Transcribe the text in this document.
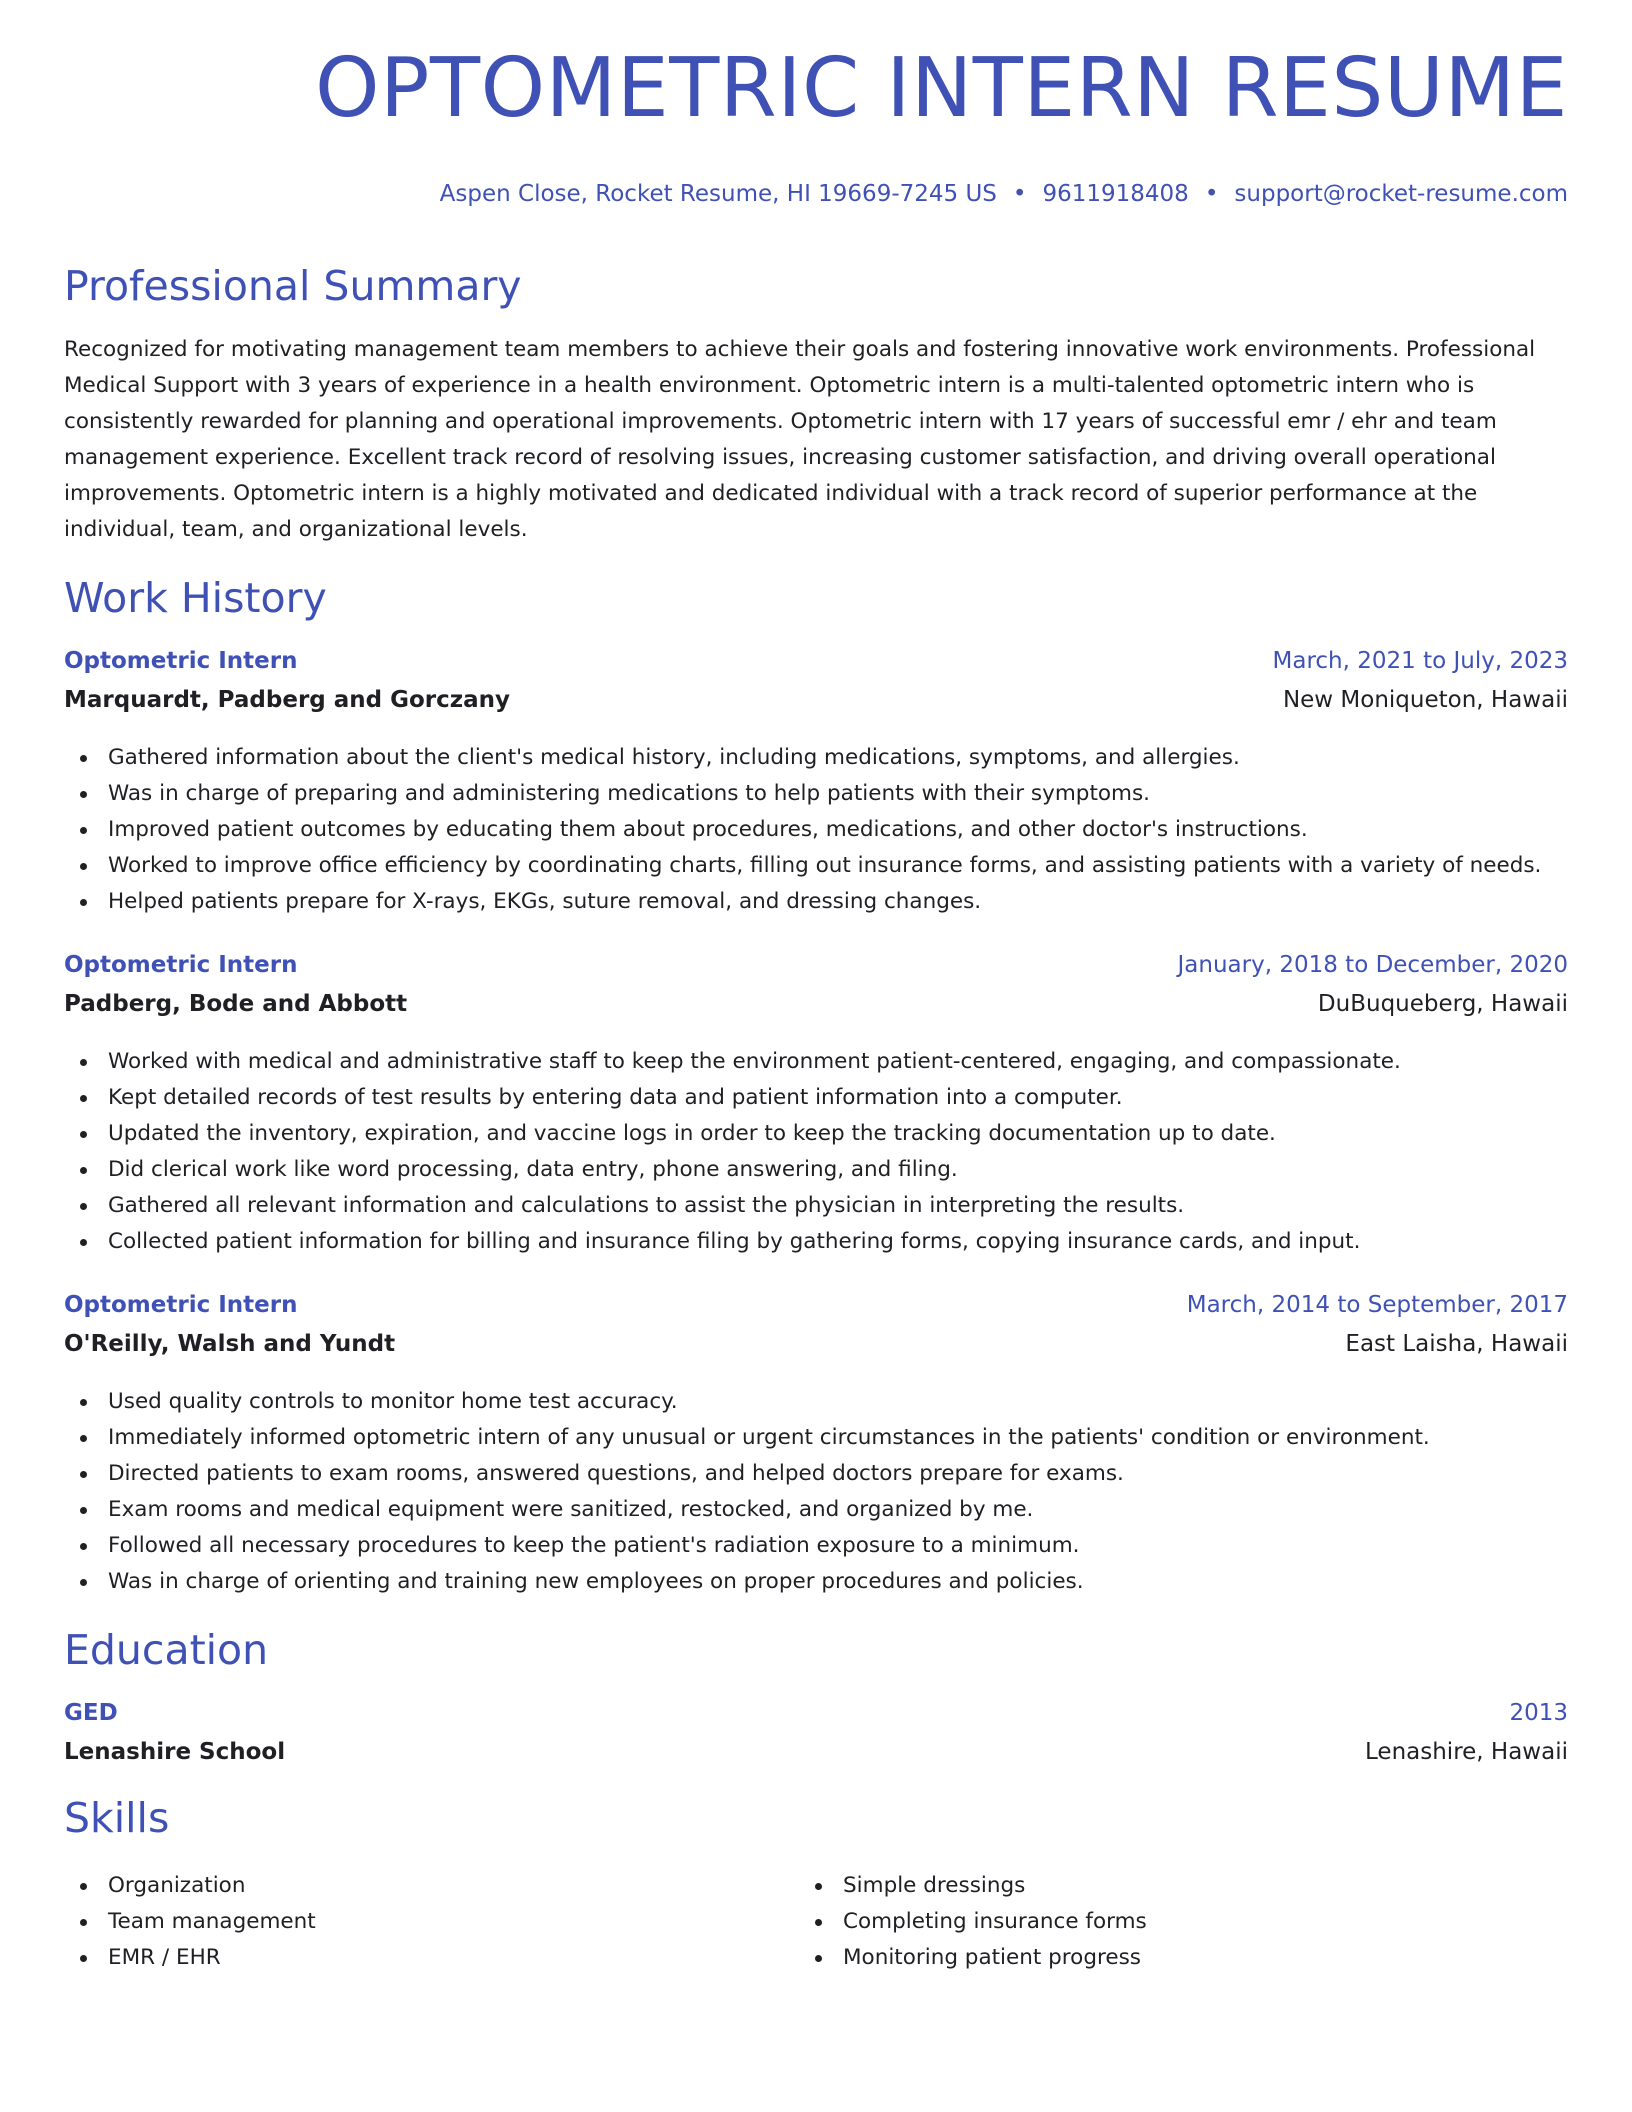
OPTOMETRIC INTERN RESUME
Aspen Close, Rocket Resume, HI 19669-7245 US • 9611918408 • support@rocket-resume.com
Professional Summary

Recognized for motivating management team members to achieve their goals and fostering innovative work environments. Professional Medical Support with 3 years of experience in a health environment. Optometric intern is a multi-talented optometric intern who is consistently rewarded for planning and operational improvements. Optometric intern with 17 years of successful emr / ehr and team management experience. Excellent track record of resolving issues, increasing customer satisfaction, and driving overall operational improvements. Optometric intern is a highly motivated and dedicated individual with a track record of superior performance at the individual, team, and organizational levels.

Work History
Optometric Intern	March, 2021 to July, 2023
Marquardt, Padberg and Gorczany	New Moniqueton, Hawaii
Gathered information about the client's medical history, including medications, symptoms, and allergies.
Was in charge of preparing and administering medications to help patients with their symptoms.
Improved patient outcomes by educating them about procedures, medications, and other doctor's instructions.
Worked to improve office efficiency by coordinating charts, filling out insurance forms, and assisting patients with a variety of needs.
Helped patients prepare for X-rays, EKGs, suture removal, and dressing changes.
Optometric Intern	January, 2018 to December, 2020
Padberg, Bode and Abbott	DuBuqueberg, Hawaii
Worked with medical and administrative staff to keep the environment patient-centered, engaging, and compassionate.
Kept detailed records of test results by entering data and patient information into a computer.
Updated the inventory, expiration, and vaccine logs in order to keep the tracking documentation up to date.
Did clerical work like word processing, data entry, phone answering, and filing.
Gathered all relevant information and calculations to assist the physician in interpreting the results.
Collected patient information for billing and insurance filing by gathering forms, copying insurance cards, and input.
Optometric Intern	March, 2014 to September, 2017
O'Reilly, Walsh and Yundt	East Laisha, Hawaii
Used quality controls to monitor home test accuracy.
Immediately informed optometric intern of any unusual or urgent circumstances in the patients' condition or environment.
Directed patients to exam rooms, answered questions, and helped doctors prepare for exams.
Exam rooms and medical equipment were sanitized, restocked, and organized by me.
Followed all necessary procedures to keep the patient's radiation exposure to a minimum.
Was in charge of orienting and training new employees on proper procedures and policies.
Education
GED	2013
Lenashire School	Lenashire, Hawaii
Skills
Organization
Team management
EMR / EHR
Simple dressings
Completing insurance forms
Monitoring patient progress
